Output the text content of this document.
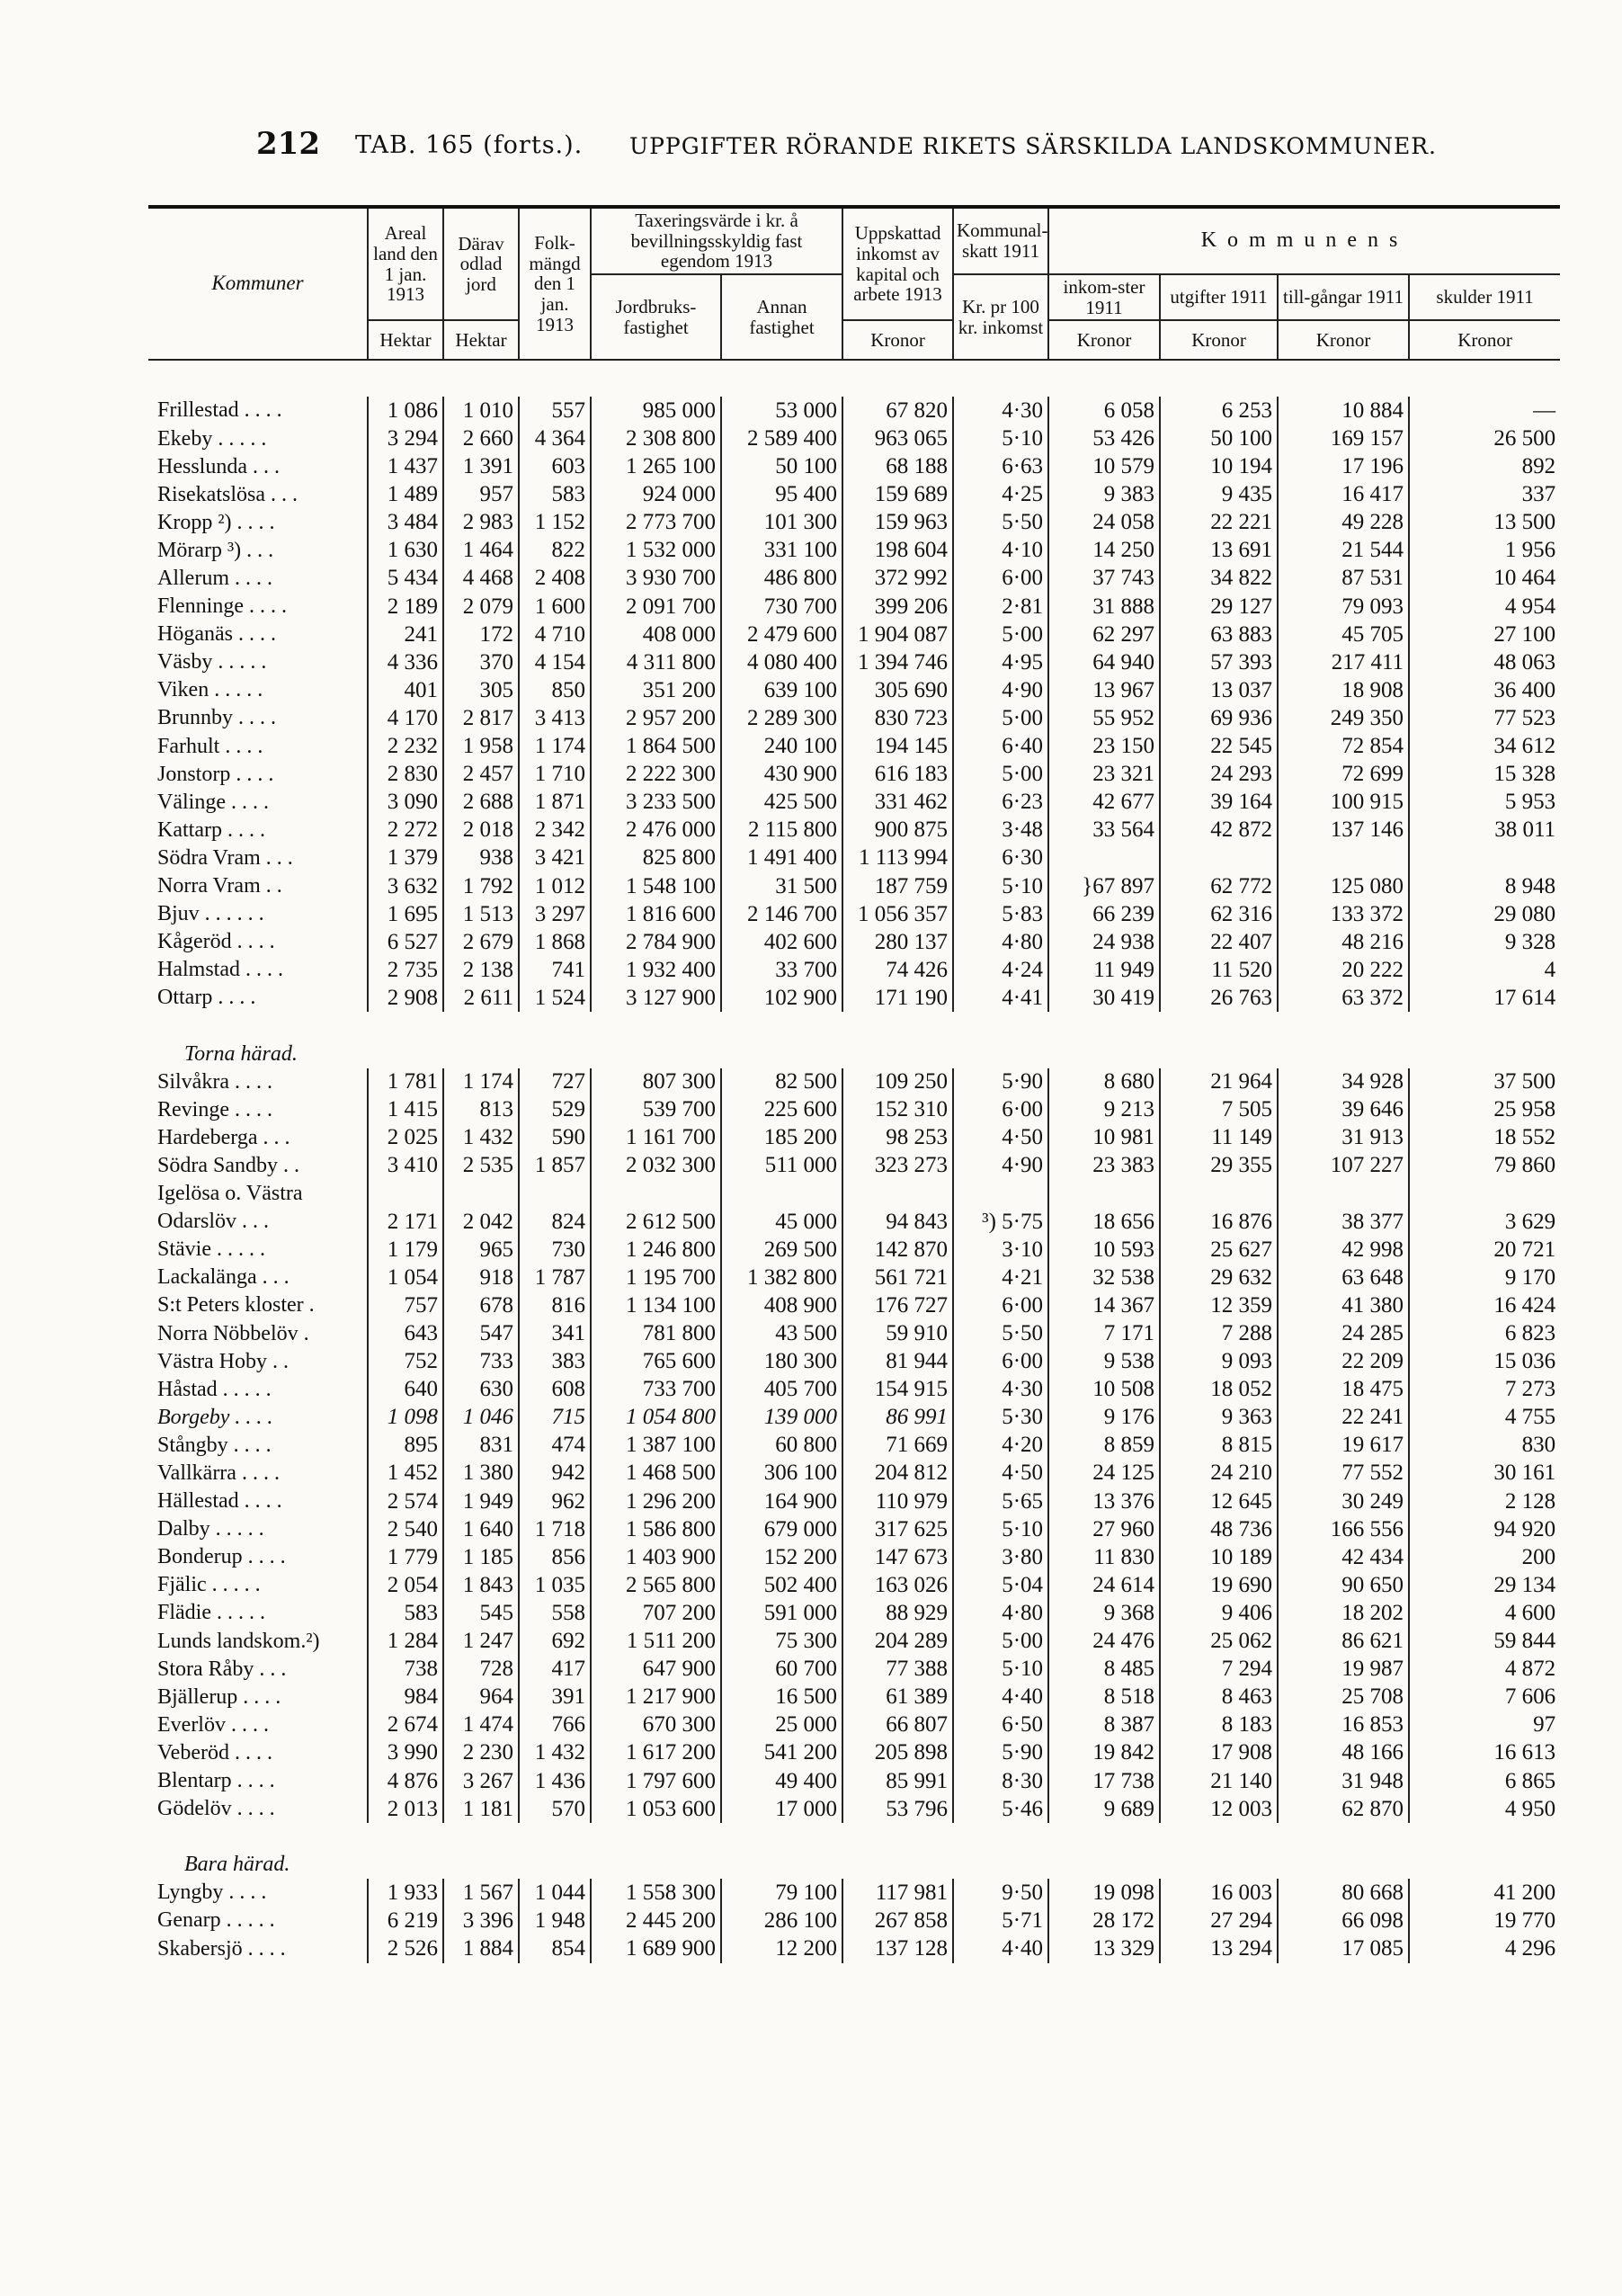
212 TAB. 165 (forts.). UPPGIFTER RÖRANDE RIKETS SÄRSKILDA LANDSKOMMUNER.
Kommuner	Areal land den 1 jan. 1913	Därav odlad jord	Folk-mängd den 1 jan. 1913	Taxeringsvärde i kr. å bevillningsskyldig fast egendom 1913		Uppskattad inkomst av kapital och arbete 1913	Kommunal-skatt 1911	Kommunens			
				Jordbruks-fastighet	Annan fastighet		Kr. pr 100 kr. inkomst	inkom-ster 1911	utgifter 1911	till-gångar 1911	skulder 1911
	Hektar	Hektar				Kronor		Kronor	Kronor	Kronor	Kronor

Frillestad . . . .	1 086	1 010	557	985 000	53 000	67 820	4·30	6 058	6 253	10 884	—
Ekeby . . . . .	3 294	2 660	4 364	2 308 800	2 589 400	963 065	5·10	53 426	50 100	169 157	26 500
Hesslunda . . .	1 437	1 391	603	1 265 100	50 100	68 188	6·63	10 579	10 194	17 196	892
Risekatslösa . . .	1 489	957	583	924 000	95 400	159 689	4·25	9 383	9 435	16 417	337
Kropp ²) . . . .	3 484	2 983	1 152	2 773 700	101 300	159 963	5·50	24 058	22 221	49 228	13 500
Mörarp ³) . . .	1 630	1 464	822	1 532 000	331 100	198 604	4·10	14 250	13 691	21 544	1 956
Allerum . . . .	5 434	4 468	2 408	3 930 700	486 800	372 992	6·00	37 743	34 822	87 531	10 464
Flenninge . . . .	2 189	2 079	1 600	2 091 700	730 700	399 206	2·81	31 888	29 127	79 093	4 954
Höganäs . . . .	241	172	4 710	408 000	2 479 600	1 904 087	5·00	62 297	63 883	45 705	27 100
Väsby . . . . .	4 336	370	4 154	4 311 800	4 080 400	1 394 746	4·95	64 940	57 393	217 411	48 063
Viken . . . . .	401	305	850	351 200	639 100	305 690	4·90	13 967	13 037	18 908	36 400
Brunnby . . . .	4 170	2 817	3 413	2 957 200	2 289 300	830 723	5·00	55 952	69 936	249 350	77 523
Farhult . . . .	2 232	1 958	1 174	1 864 500	240 100	194 145	6·40	23 150	22 545	72 854	34 612
Jonstorp . . . .	2 830	2 457	1 710	2 222 300	430 900	616 183	5·00	23 321	24 293	72 699	15 328
Välinge . . . .	3 090	2 688	1 871	3 233 500	425 500	331 462	6·23	42 677	39 164	100 915	5 953
Kattarp . . . .	2 272	2 018	2 342	2 476 000	2 115 800	900 875	3·48	33 564	42 872	137 146	38 011
Södra Vram . . .	1 379	938	3 421	825 800	1 491 400	1 113 994	6·30				
Norra Vram . .	3 632	1 792	1 012	1 548 100	31 500	187 759	5·10	}67 897	62 772	125 080	8 948
Bjuv . . . . . .	1 695	1 513	3 297	1 816 600	2 146 700	1 056 357	5·83	66 239	62 316	133 372	29 080
Kågeröd . . . .	6 527	2 679	1 868	2 784 900	402 600	280 137	4·80	24 938	22 407	48 216	9 328
Halmstad . . . .	2 735	2 138	741	1 932 400	33 700	74 426	4·24	11 949	11 520	20 222	4
Ottarp . . . .	2 908	2 611	1 524	3 127 900	102 900	171 190	4·41	30 419	26 763	63 372	17 614

Torna härad.											
Silvåkra . . . .	1 781	1 174	727	807 300	82 500	109 250	5·90	8 680	21 964	34 928	37 500
Revinge . . . .	1 415	813	529	539 700	225 600	152 310	6·00	9 213	7 505	39 646	25 958
Hardeberga . . .	2 025	1 432	590	1 161 700	185 200	98 253	4·50	10 981	11 149	31 913	18 552
Södra Sandby . .	3 410	2 535	1 857	2 032 300	511 000	323 273	4·90	23 383	29 355	107 227	79 860
Igelösa o. Västra											
Odarslöv . . .	2 171	2 042	824	2 612 500	45 000	94 843	³) 5·75	18 656	16 876	38 377	3 629
Stävie . . . . .	1 179	965	730	1 246 800	269 500	142 870	3·10	10 593	25 627	42 998	20 721
Lackalänga . . .	1 054	918	1 787	1 195 700	1 382 800	561 721	4·21	32 538	29 632	63 648	9 170
S:t Peters kloster .	757	678	816	1 134 100	408 900	176 727	6·00	14 367	12 359	41 380	16 424
Norra Nöbbelöv .	643	547	341	781 800	43 500	59 910	5·50	7 171	7 288	24 285	6 823
Västra Hoby . .	752	733	383	765 600	180 300	81 944	6·00	9 538	9 093	22 209	15 036
Håstad . . . . .	640	630	608	733 700	405 700	154 915	4·30	10 508	18 052	18 475	7 273
Borgeby . . . .	1 098	1 046	715	1 054 800	139 000	86 991	5·30	9 176	9 363	22 241	4 755
Stångby . . . .	895	831	474	1 387 100	60 800	71 669	4·20	8 859	8 815	19 617	830
Vallkärra . . . .	1 452	1 380	942	1 468 500	306 100	204 812	4·50	24 125	24 210	77 552	30 161
Hällestad . . . .	2 574	1 949	962	1 296 200	164 900	110 979	5·65	13 376	12 645	30 249	2 128
Dalby . . . . .	2 540	1 640	1 718	1 586 800	679 000	317 625	5·10	27 960	48 736	166 556	94 920
Bonderup . . . .	1 779	1 185	856	1 403 900	152 200	147 673	3·80	11 830	10 189	42 434	200
Fjälic . . . . .	2 054	1 843	1 035	2 565 800	502 400	163 026	5·04	24 614	19 690	90 650	29 134
Flädie . . . . .	583	545	558	707 200	591 000	88 929	4·80	9 368	9 406	18 202	4 600
Lunds landskom.²)	1 284	1 247	692	1 511 200	75 300	204 289	5·00	24 476	25 062	86 621	59 844
Stora Råby . . .	738	728	417	647 900	60 700	77 388	5·10	8 485	7 294	19 987	4 872
Bjällerup . . . .	984	964	391	1 217 900	16 500	61 389	4·40	8 518	8 463	25 708	7 606
Everlöv . . . .	2 674	1 474	766	670 300	25 000	66 807	6·50	8 387	8 183	16 853	97
Veberöd . . . .	3 990	2 230	1 432	1 617 200	541 200	205 898	5·90	19 842	17 908	48 166	16 613
Blentarp . . . .	4 876	3 267	1 436	1 797 600	49 400	85 991	8·30	17 738	21 140	31 948	6 865
Gödelöv . . . .	2 013	1 181	570	1 053 600	17 000	53 796	5·46	9 689	12 003	62 870	4 950

Bara härad.											
Lyngby . . . .	1 933	1 567	1 044	1 558 300	79 100	117 981	9·50	19 098	16 003	80 668	41 200
Genarp . . . . .	6 219	3 396	1 948	2 445 200	286 100	267 858	5·71	28 172	27 294	66 098	19 770
Skabersjö . . . .	2 526	1 884	854	1 689 900	12 200	137 128	4·40	13 329	13 294	17 085	4 296
